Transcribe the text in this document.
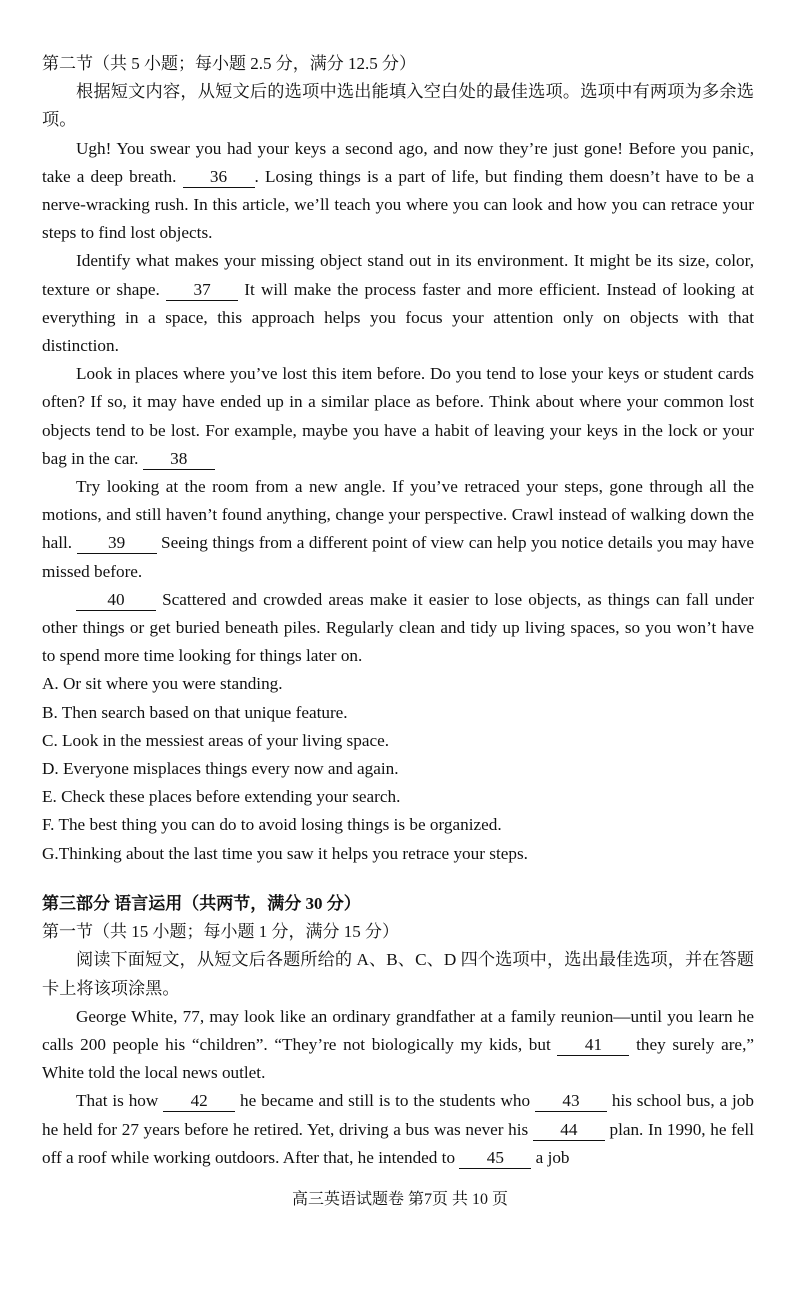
第二节（共 5 小题；每小题 2.5 分，满分 12.5 分）

根据短文内容，从短文后的选项中选出能填入空白处的最佳选项。选项中有两项为多余选项。

Ugh! You swear you had your keys a second ago, and now they’re just gone! Before you panic, take a deep breath. 36 . Losing things is a part of life, but finding them doesn’t have to be a nerve-wracking rush. In this article, we’ll teach you where you can look and how you can retrace your steps to find lost objects.

Identify what makes your missing object stand out in its environment. It might be its size, color, texture or shape. 37 It will make the process faster and more efficient. Instead of looking at everything in a space, this approach helps you focus your attention only on objects with that distinction.

Look in places where you’ve lost this item before. Do you tend to lose your keys or student cards often? If so, it may have ended up in a similar place as before. Think about where your common lost objects tend to be lost. For example, maybe you have a habit of leaving your keys in the lock or your bag in the car. 38

Try looking at the room from a new angle. If you’ve retraced your steps, gone through all the motions, and still haven’t found anything, change your perspective. Crawl instead of walking down the hall. 39 Seeing things from a different point of view can help you notice details you may have missed before.

40 Scattered and crowded areas make it easier to lose objects, as things can fall under other things or get buried beneath piles. Regularly clean and tidy up living spaces, so you won’t have to spend more time looking for things later on.

A. Or sit where you were standing.

B. Then search based on that unique feature.

C. Look in the messiest areas of your living space.

D. Everyone misplaces things every now and again.

E. Check these places before extending your search.

F. The best thing you can do to avoid losing things is be organized.

G.Thinking about the last time you saw it helps you retrace your steps.

第三部分 语言运用（共两节，满分 30 分）

第一节（共 15 小题；每小题 1 分，满分 15 分）

阅读下面短文，从短文后各题所给的 A、B、C、D 四个选项中，选出最佳选项，并在答题卡上将该项涂黑。

George White, 77, may look like an ordinary grandfather at a family reunion—until you learn he calls 200 people his “children”. “They’re not biologically my kids, but 41 they surely are,” White told the local news outlet.

That is how 42 he became and still is to the students who 43 his school bus, a job he held for 27 years before he retired. Yet, driving a bus was never his 44 plan. In 1990, he fell off a roof while working outdoors. After that, he intended to 45 a job

高三英语试题卷 第7页 共 10 页
